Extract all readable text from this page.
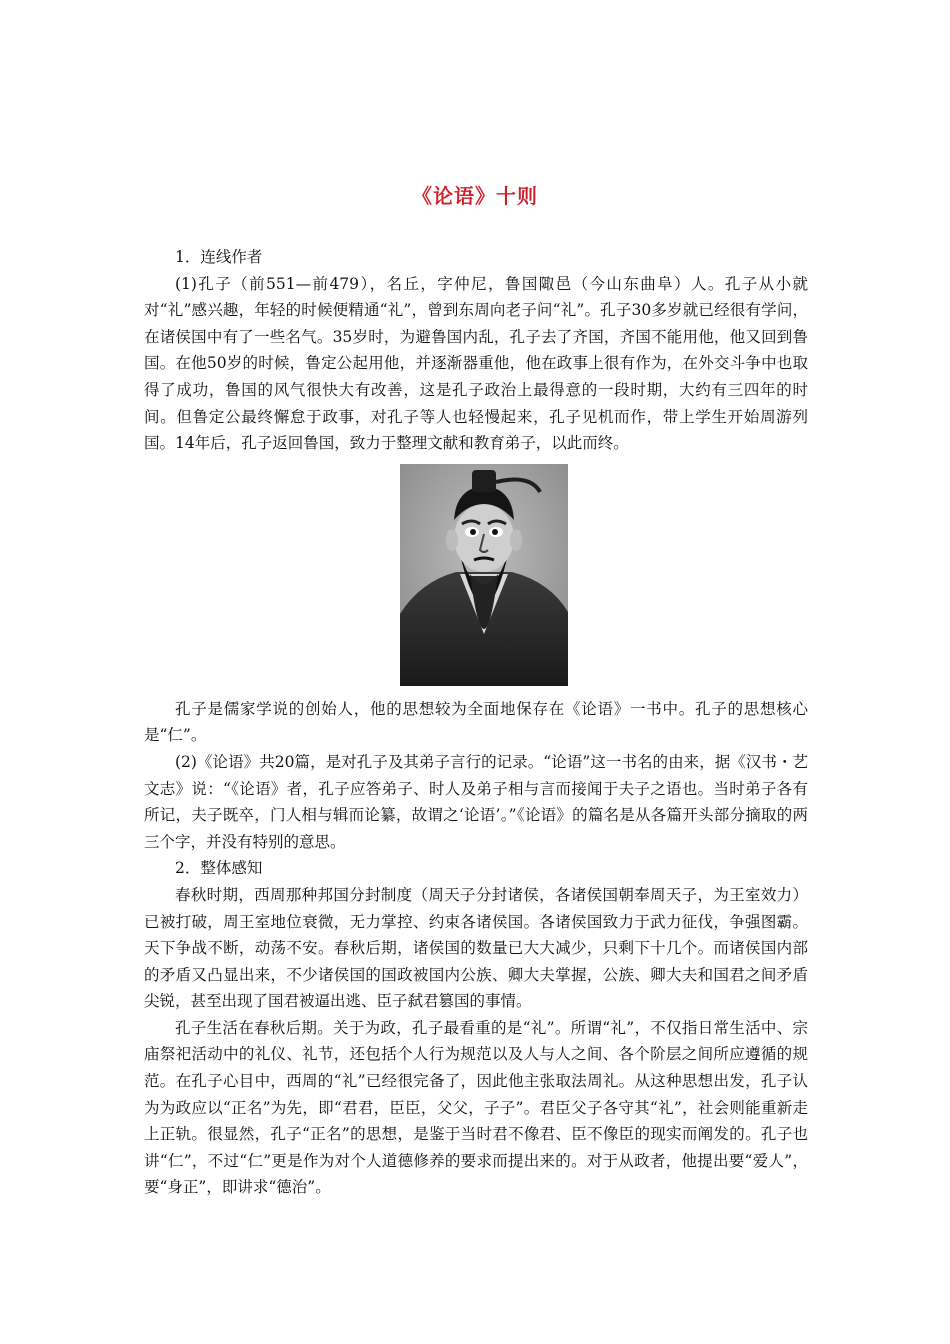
《论语》十则

1．连线作者

(1)孔子（前551—前479），名丘，字仲尼，鲁国陬邑（今山东曲阜）人。孔子从小就对“礼”感兴趣，年轻的时候便精通“礼”，曾到东周向老子问“礼”。孔子30多岁就已经很有学问，在诸侯国中有了一些名气。35岁时，为避鲁国内乱，孔子去了齐国，齐国不能用他，他又回到鲁国。在他50岁的时候，鲁定公起用他，并逐渐器重他，他在政事上很有作为，在外交斗争中也取得了成功，鲁国的风气很快大有改善，这是孔子政治上最得意的一段时期，大约有三四年的时间。但鲁定公最终懈怠于政事，对孔子等人也轻慢起来，孔子见机而作，带上学生开始周游列国。14年后，孔子返回鲁国，致力于整理文献和教育弟子，以此而终。

孔子是儒家学说的创始人，他的思想较为全面地保存在《论语》一书中。孔子的思想核心是“仁”。

(2)《论语》共20篇，是对孔子及其弟子言行的记录。“论语”这一书名的由来，据《汉书・艺文志》说：“《论语》者，孔子应答弟子、时人及弟子相与言而接闻于夫子之语也。当时弟子各有所记，夫子既卒，门人相与辑而论纂，故谓之‘论语’。”《论语》的篇名是从各篇开头部分摘取的两三个字，并没有特别的意思。

2．整体感知

春秋时期，西周那种邦国分封制度（周天子分封诸侯，各诸侯国朝奉周天子，为王室效力）已被打破，周王室地位衰微，无力掌控、约束各诸侯国。各诸侯国致力于武力征伐，争强图霸。天下争战不断，动荡不安。春秋后期，诸侯国的数量已大大减少，只剩下十几个。而诸侯国内部的矛盾又凸显出来，不少诸侯国的国政被国内公族、卿大夫掌握，公族、卿大夫和国君之间矛盾尖锐，甚至出现了国君被逼出逃、臣子弑君篡国的事情。

孔子生活在春秋后期。关于为政，孔子最看重的是“礼”。所谓“礼”，不仅指日常生活中、宗庙祭祀活动中的礼仪、礼节，还包括个人行为规范以及人与人之间、各个阶层之间所应遵循的规范。在孔子心目中，西周的“礼”已经很完备了，因此他主张取法周礼。从这种思想出发，孔子认为为政应以“正名”为先，即“君君，臣臣，父父，子子”。君臣父子各守其“礼”，社会则能重新走上正轨。很显然，孔子“正名”的思想，是鉴于当时君不像君、臣不像臣的现实而阐发的。孔子也讲“仁”，不过“仁”更是作为对个人道德修养的要求而提出来的。对于从政者，他提出要“爱人”，要“身正”，即讲求“德治”。
